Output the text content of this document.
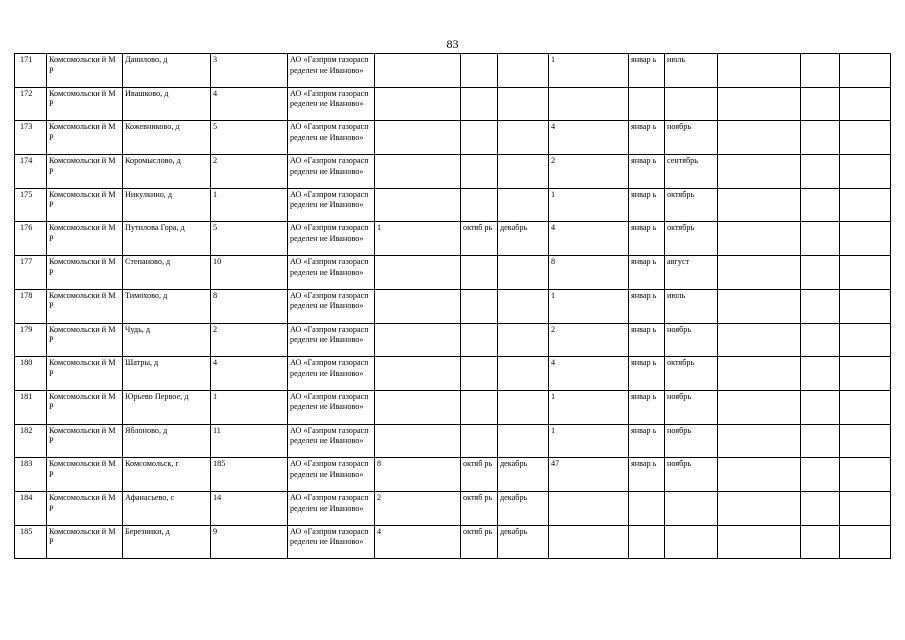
83
171	Комсомольски й МР	Даниловo, д	3	АО «Газпром газораспределен ие Иваново»				1	январ ь	июль			
172	Комсомольски й МР	Ивашково, д	4	АО «Газпром газораспределен ие Иваново»									
173	Комсомольски й МР	Кожевниково, д	5	АО «Газпром газораспределен ие Иваново»				4	январ ь	ноябрь			
174	Комсомольски й МР	Коромыслово, д	2	АО «Газпром газораспределен ие Иваново»				2	январ ь	сентябрь			
175	Комсомольски й МР	Никулкино, д	1	АО «Газпром газораспределен ие Иваново»				1	январ ь	октябрь			
176	Комсомольски й МР	Путилова Гора, д	5	АО «Газпром газораспределен ие Иваново»	1	октяб рь	декабрь	4	январ ь	октябрь			
177	Комсомольски й МР	Степаново, д	10	АО «Газпром газораспределен ие Иваново»				8	январ ь	август			
178	Комсомольски й МР	Тимохово, д	8	АО «Газпром газораспределен ие Иваново»				1	январ ь	июль			
179	Комсомольски й МР	Чудь, д	2	АО «Газпром газораспределен ие Иваново»				2	январ ь	ноябрь			
180	Комсомольски й МР	Шатры, д	4	АО «Газпром газораспределен ие Иваново»				4	январ ь	октябрь			
181	Комсомольски й МР	Юрьево Первое, д	1	АО «Газпром газораспределен ие Иваново»				1	январ ь	ноябрь			
182	Комсомольски й МР	Яблоново, д	11	АО «Газпром газораспределен ие Иваново»				1	январ ь	ноябрь			
183	Комсомольски й МР	Комсомольск, г	185	АО «Газпром газораспределен ие Иваново»	8	октяб рь	декабрь	47	январ ь	ноябрь			
184	Комсомольски й МР	Афанасьево, с	14	АО «Газпром газораспределен ие Иваново»	2	октяб рь	декабрь						
185	Комсомольски й МР	Березники, д	9	АО «Газпром газораспределен ие Иваново»	4	октяб рь	декабрь						
